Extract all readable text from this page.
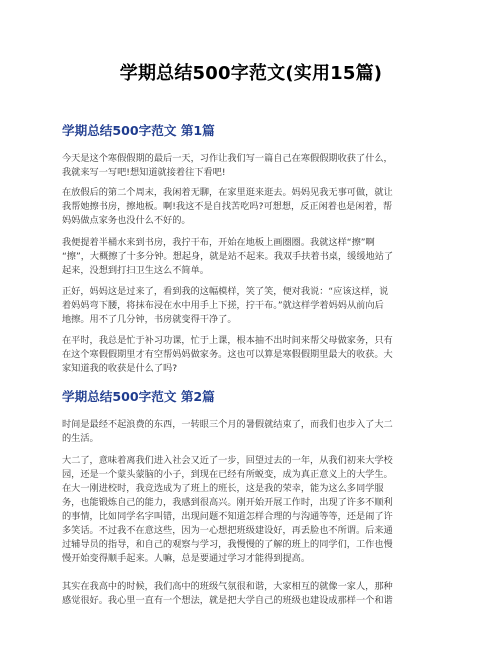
学期总结500字范文(实用15篇)
学期总结500字范文 第1篇

今天是这个寒假假期的最后一天，习作让我们写一篇自己在寒假假期收获了什么，
我就来写一写吧!想知道就接着往下看吧!

在放假后的第二个周末，我闲着无聊，在家里逛来逛去。妈妈见我无事可做，就让
我帮她擦书房，擦地板。啊!我这不是自找苦吃吗?可想想，反正闲着也是闲着，帮
妈妈做点家务也没什么不好的。

我便提着半桶水来到书房，我拧干布，开始在地板上画圈圈。我就这样“擦”啊
“擦”，大概擦了十多分钟。想起身，就是站不起来。我双手扶着书桌，缓缓地站了
起来，没想到打扫卫生这么不简单。

正好，妈妈这是过来了，看到我的这幅模样，笑了笑，便对我说：“应该这样，说
着妈妈弯下腰，将抹布浸在水中用手上下搓，拧干布。”就这样学着妈妈从前向后
地擦。用不了几分钟，书房就变得干净了。

在平时，我总是忙于补习功课，忙于上课，根本抽不出时间来帮父母做家务，只有
在这个寒假假期里才有空帮妈妈做家务。这也可以算是寒假假期里最大的收获。大
家知道我的收获是什么了吗?

学期总结500字范文 第2篇

时间是最经不起浪费的东西，一转眼三个月的暑假就结束了，而我们也步入了大二
的生活。

大二了，意味着离我们进入社会又近了一步，回望过去的一年，从我们初来大学校
园，还是一个蒙头蒙脑的小子，到现在已经有所蜕变，成为真正意义上的大学生。
在大一刚进校时，我竞选成为了班上的班长，这是我的荣幸，能为这么多同学服
务，也能锻炼自己的能力，我感到很高兴。刚开始开展工作时，出现了许多不顺利
的事情，比如同学名字叫错，出现问题不知道怎样合理的与沟通等等，还是闹了许
多笑话。不过我不在意这些，因为一心想把班级建设好，再丢脸也不所谓。后来通
过辅导员的指导，和自己的观察与学习，我慢慢的了解的班上的同学们，工作也慢
慢开始变得顺手起来。人嘛，总是要通过学习才能得到提高。

其实在我高中的时候，我们高中的班级气氛很和谐，大家相互的就像一家人，那种
感觉很好。我心里一直有一个想法，就是把大学自己的班级也建设成那样一个和谐
